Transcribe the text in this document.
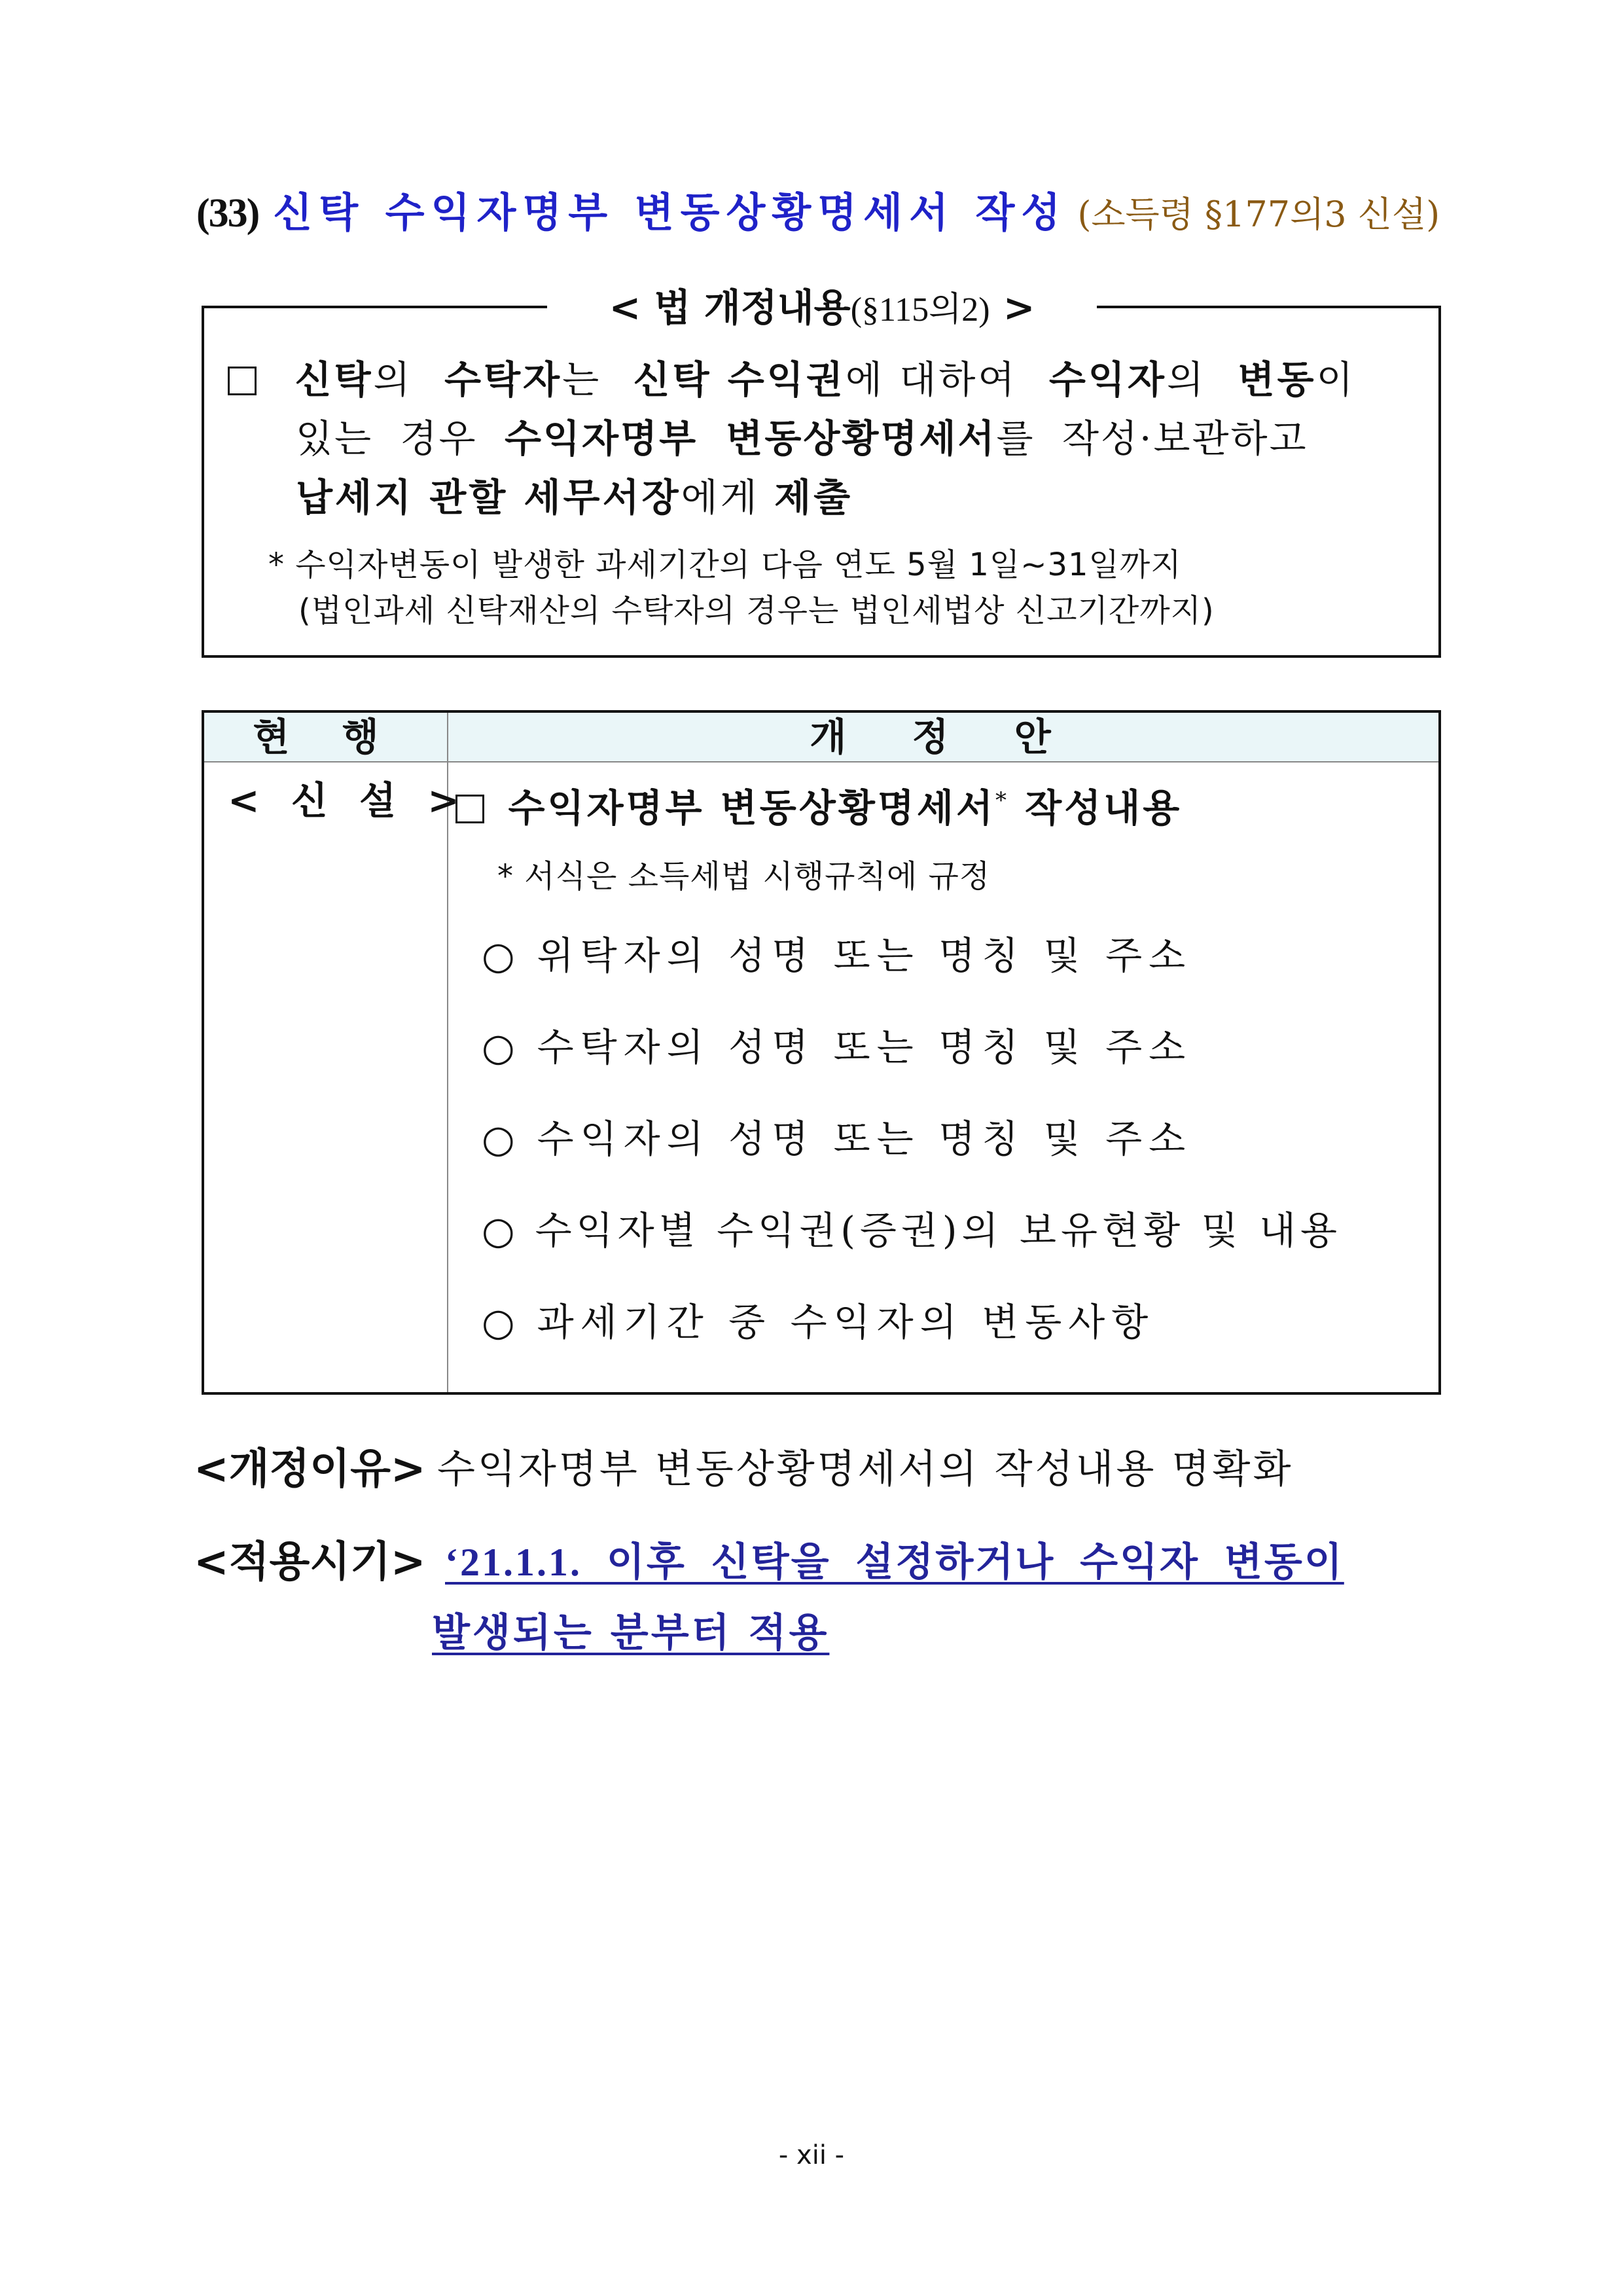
(33) 신탁 수익자명부 변동상황명세서 작성 (소득령 §177의3 신설)
< 법 개정내용(§115의2) >
신탁의 수탁자는 신탁 수익권에 대하여 수익자의 변동이
있는 경우 수익자명부 변동상황명세서를 작성·보관하고
납세지 관할 세무서장에게 제출
* 수익자변동이 발생한 과세기간의 다음 연도 5월 1일~31일까지
(법인과세 신탁재산의 수탁자의 경우는 법인세법상 신고기간까지)
현 행	개 정 안
< 신 설 >	수익자명부 변동상황명세서* 작성내용
* 서식은 소득세법 시행규칙에 규정
○ 위탁자의 성명 또는 명칭 및 주소
○ 수탁자의 성명 또는 명칭 및 주소
○ 수익자의 성명 또는 명칭 및 주소
○ 수익자별 수익권(증권)의 보유현황 및 내용
○ 과세기간 중 수익자의 변동사항
<개정이유> 수익자명부 변동상황명세서의 작성내용 명확화
<적용시기> ‘21.1.1. 이후 신탁을 설정하거나 수익자 변동이
발생되는 분부터 적용
- xii -
